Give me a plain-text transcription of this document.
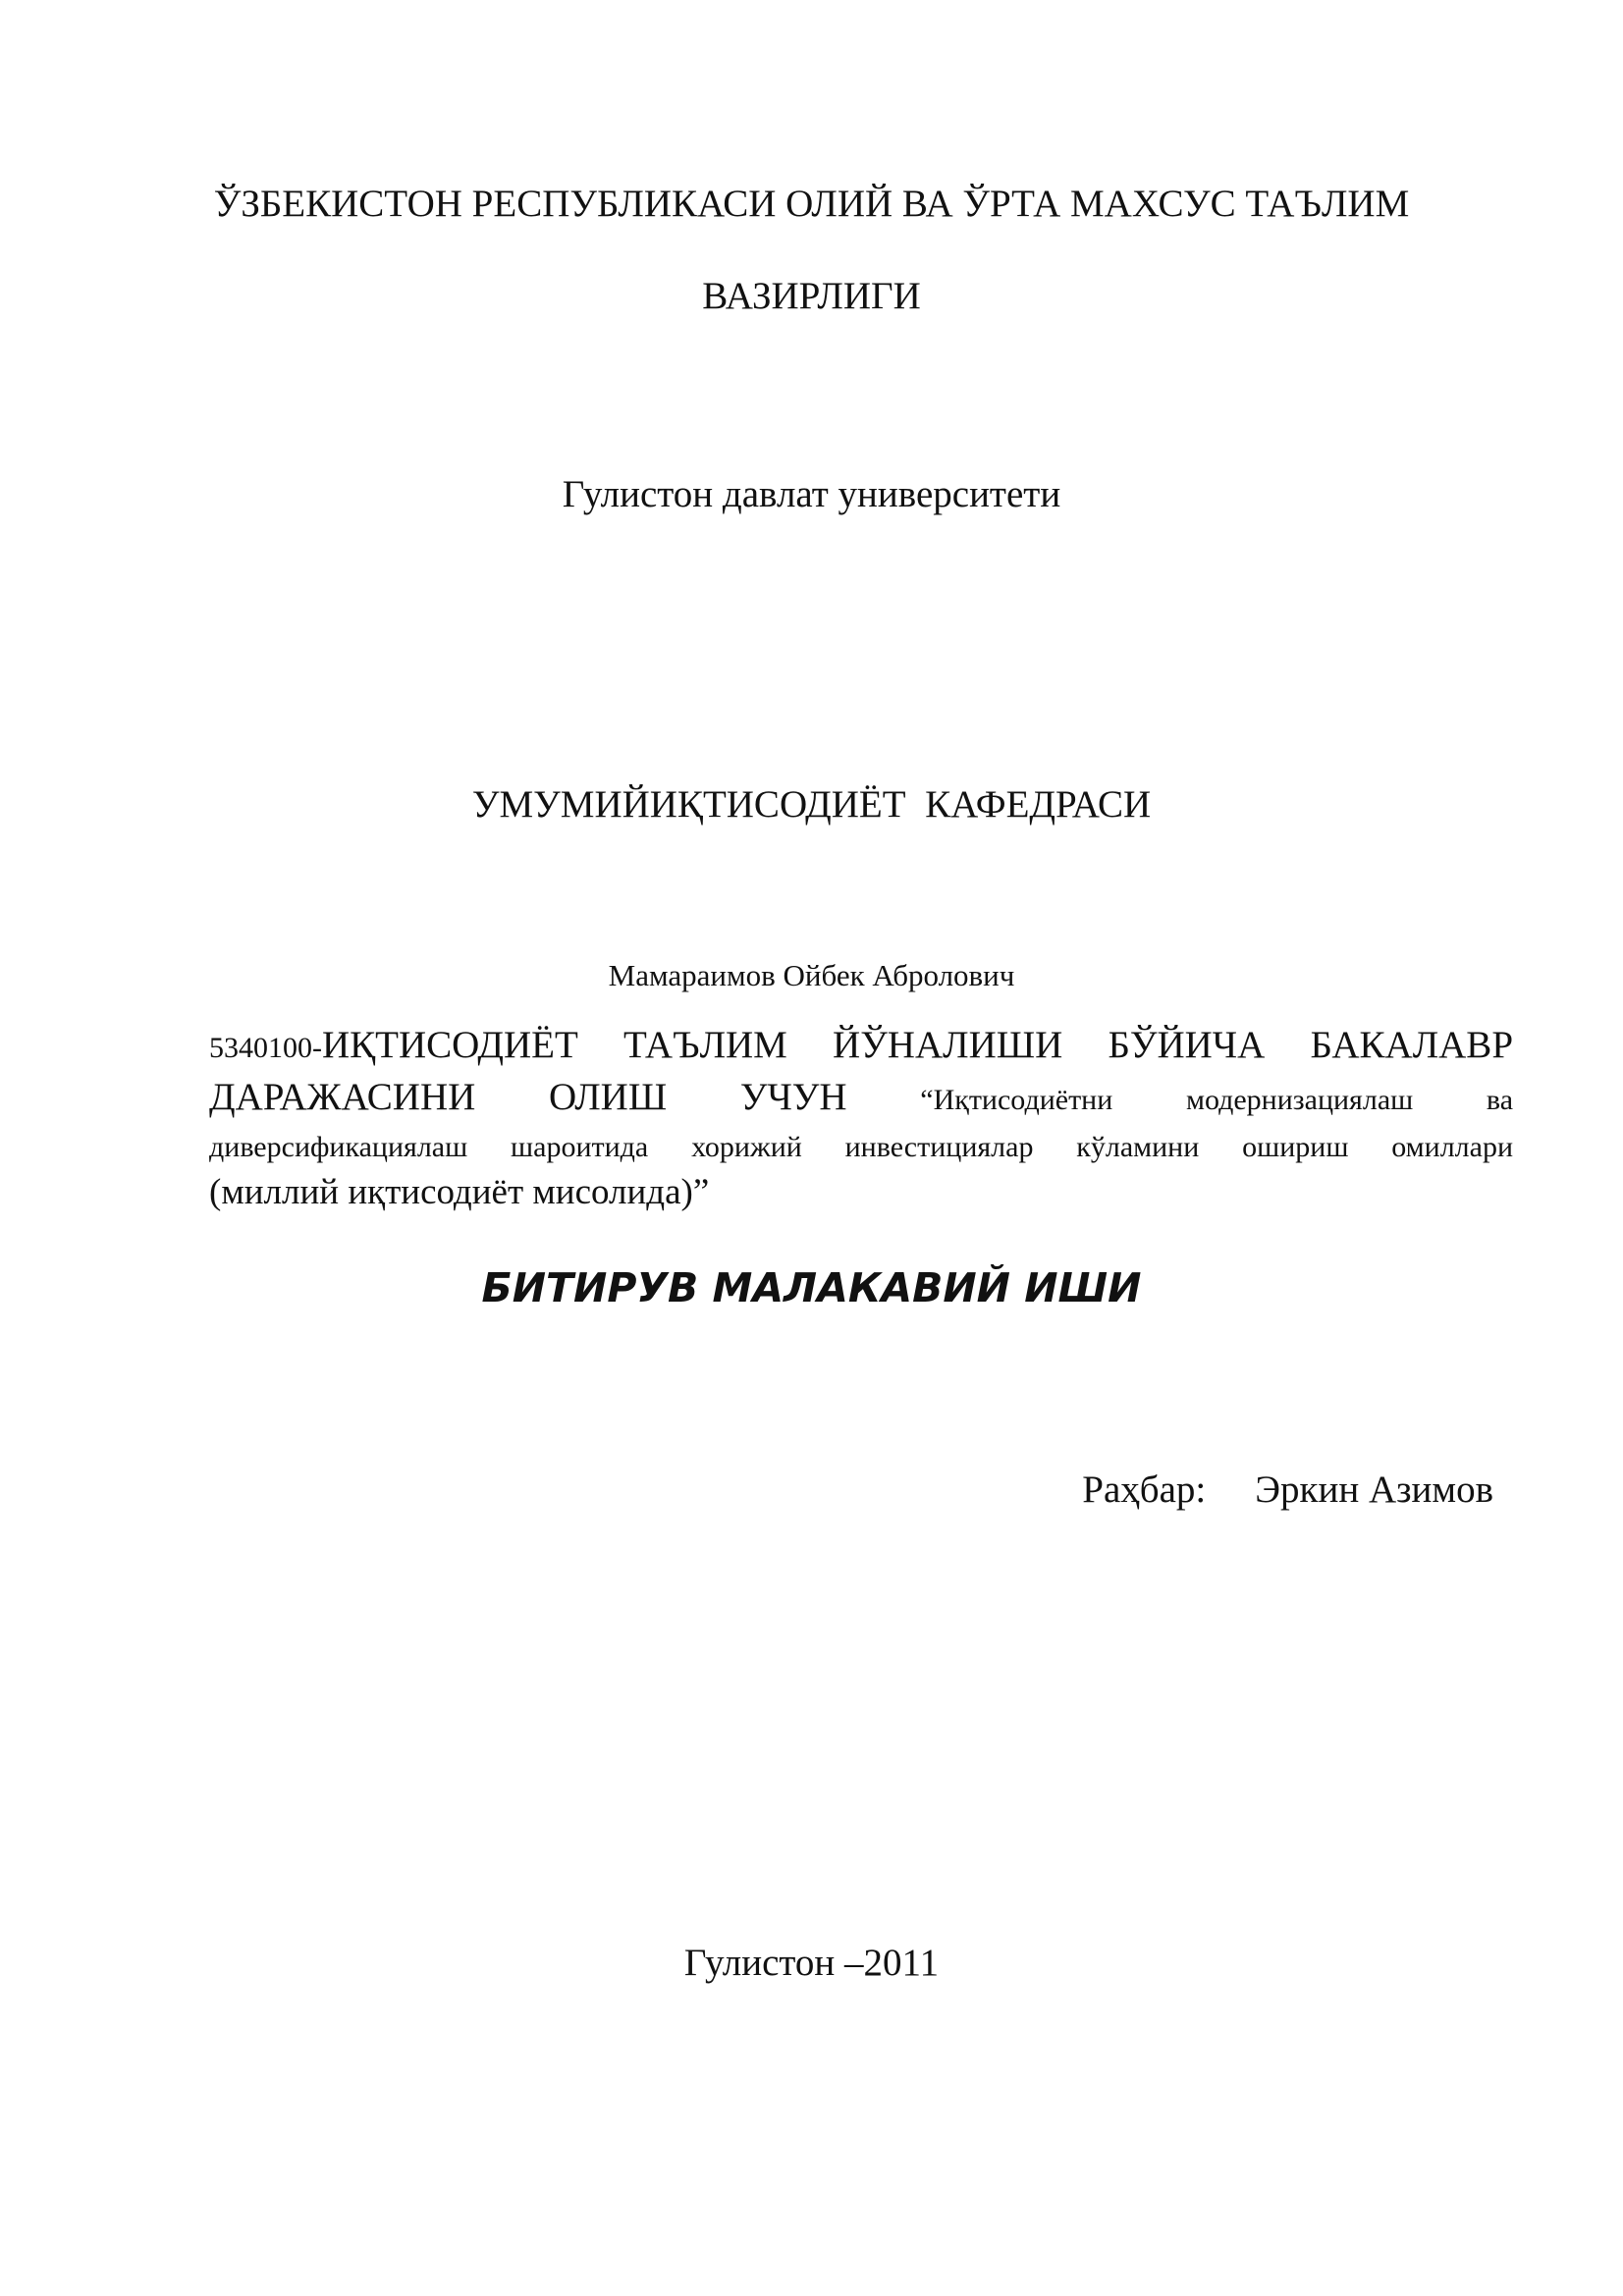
ЎЗБЕКИСТОН РЕСПУБЛИКАСИ ОЛИЙ ВА ЎРТА МАХСУС ТАЪЛИМ
ВАЗИРЛИГИ
Гулистон давлат университети
УМУМИЙИҚТИСОДИЁТ  КАФЕДРАСИ
Мамараимов Ойбек Абролович
5340100-ИҚТИСОДИЁТ ТАЪЛИМ ЙЎНАЛИШИ БЎЙИЧА БАКАЛАВР
ДАРАЖАСИНИ ОЛИШ УЧУН “Иқтисодиётни модернизациялаш ва
диверсификациялаш шароитида хорижий инвестициялар кўламини ошириш омиллари
(миллий иқтисодиёт мисолида)”
БИТИРУВ МАЛАКАВИЙ ИШИ
Раҳбар: Эркин Азимов
Гулистон –2011
